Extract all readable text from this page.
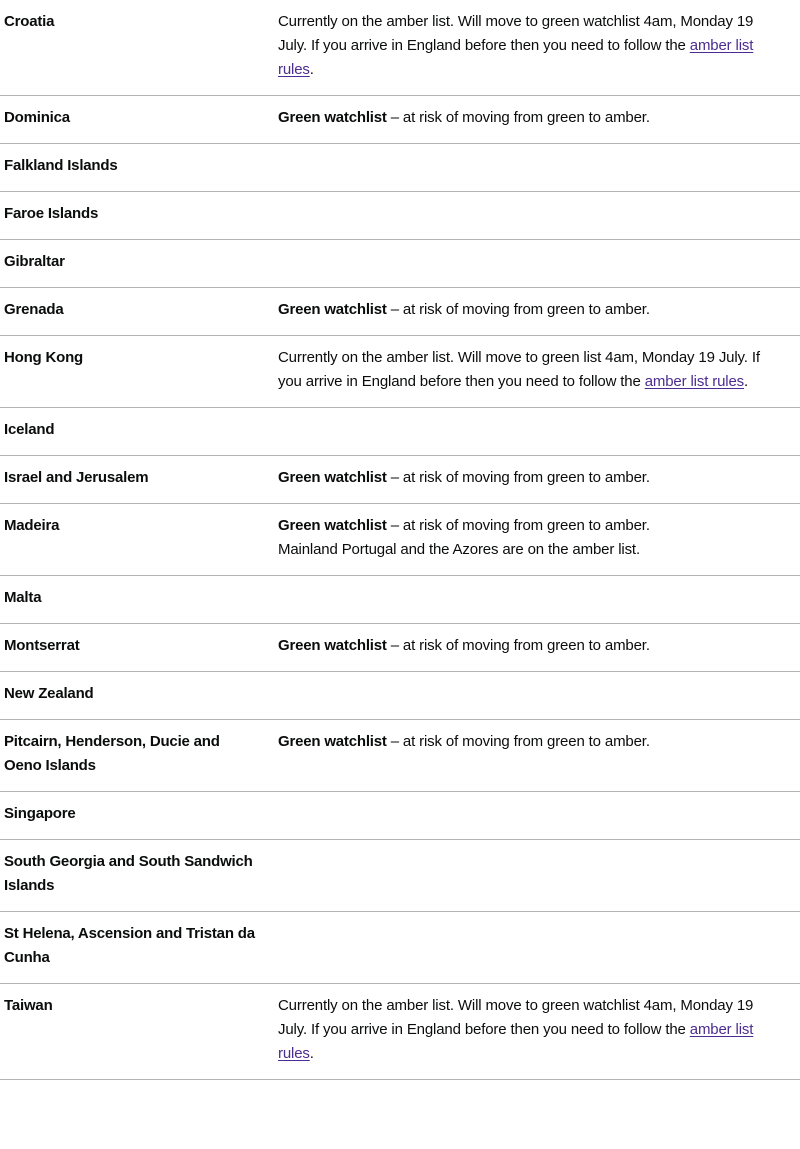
Croatia	Currently on the amber list. Will move to green watchlist 4am, Monday 19 July. If you arrive in England before then you need to follow the amber list rules.
Dominica	Green watchlist – at risk of moving from green to amber.
Falkland Islands	
Faroe Islands	
Gibraltar	
Grenada	Green watchlist – at risk of moving from green to amber.
Hong Kong	Currently on the amber list. Will move to green list 4am, Monday 19 July. If you arrive in England before then you need to follow the amber list rules.
Iceland	
Israel and Jerusalem	Green watchlist – at risk of moving from green to amber.
Madeira	Green watchlist – at risk of moving from green to amber.
Mainland Portugal and the Azores are on the amber list.
Malta	
Montserrat	Green watchlist – at risk of moving from green to amber.
New Zealand	
Pitcairn, Henderson, Ducie and Oeno Islands	Green watchlist – at risk of moving from green to amber.
Singapore	
South Georgia and South Sandwich Islands	
St Helena, Ascension and Tristan da Cunha	
Taiwan	Currently on the amber list. Will move to green watchlist 4am, Monday 19 July. If you arrive in England before then you need to follow the amber list rules.
